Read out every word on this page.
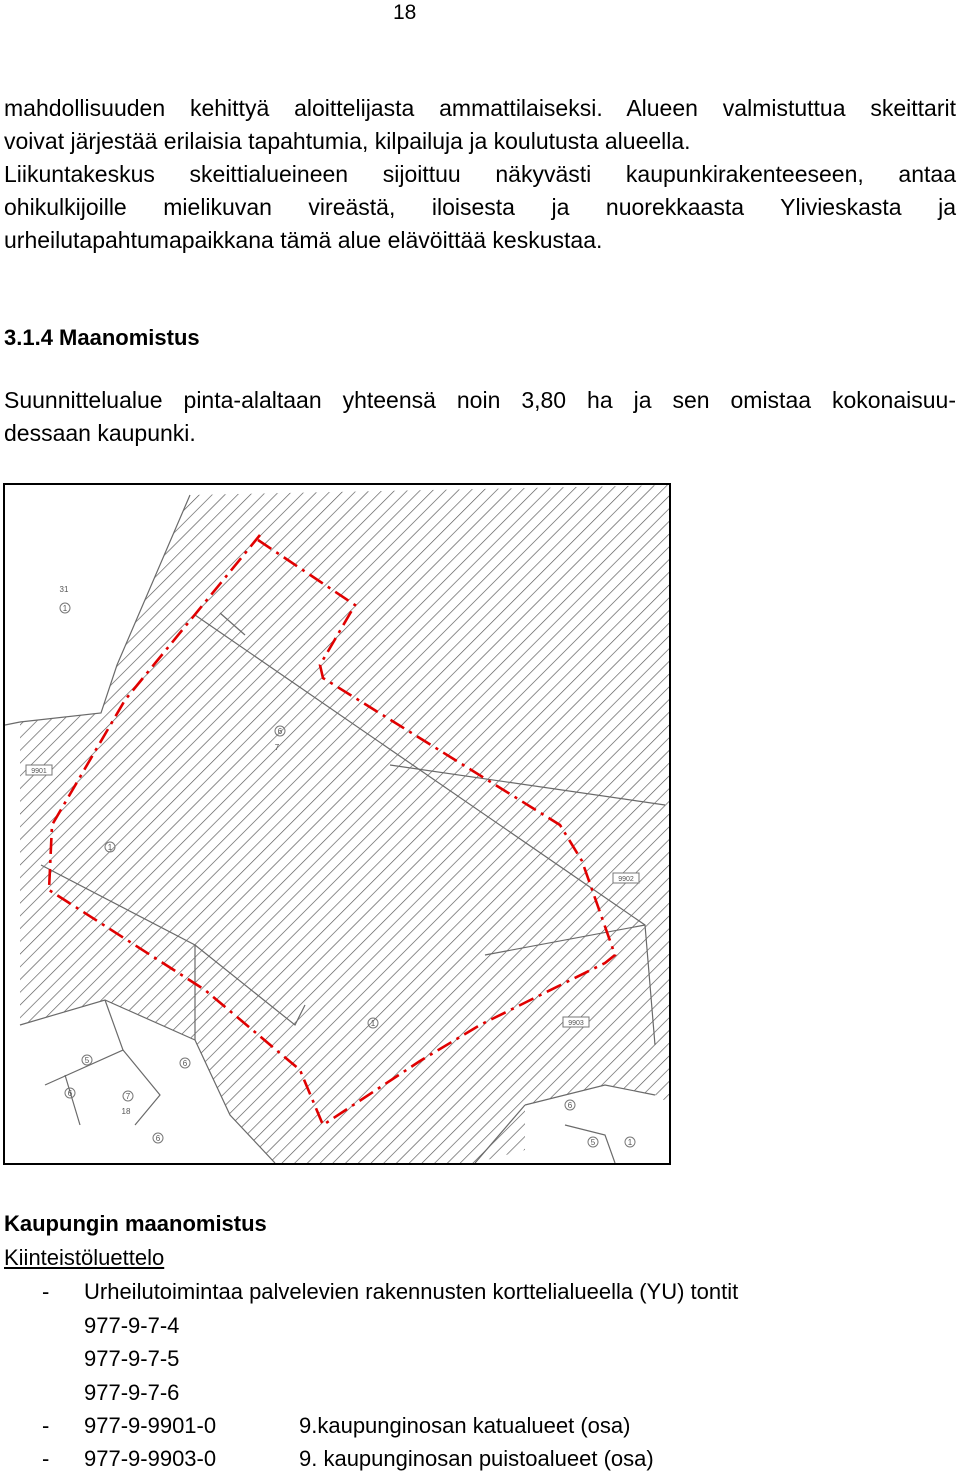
18

mahdollisuuden kehittyä aloittelijasta ammattilaiseksi. Alueen valmistuttua skeittarit

voivat järjestää erilaisia tapahtumia, kilpailuja ja koulutusta alueella.

Liikuntakeskus skeittialueineen sijoittuu näkyvästi kaupunkirakenteeseen, antaa

ohikulkijoille mielikuvan vireästä, iloisesta ja nuorekkaasta Ylivieskasta ja

urheilutapahtumapaikkana tämä alue elävöittää keskustaa.

3.1.4 Maanomistus

Suunnittelualue pinta-alaltaan yhteensä noin 3,80 ha ja sen omistaa kokonaisuu-

dessaan kaupunki.

31
1
6
7
1
1
5	6
6	7
18
6
6
5	1
9901
9902
9903
Kaupungin maanomistus
Kiinteistöluettelo
- Urheilutoimintaa palvelevien rakennusten korttelialueella (YU) tontit
977-9-7-4
977-9-7-5
977-9-7-6
- 977-9-9901-0	9.kaupunginosan katualueet (osa)
- 977-9-9903-0	9. kaupunginosan puistoalueet (osa)
